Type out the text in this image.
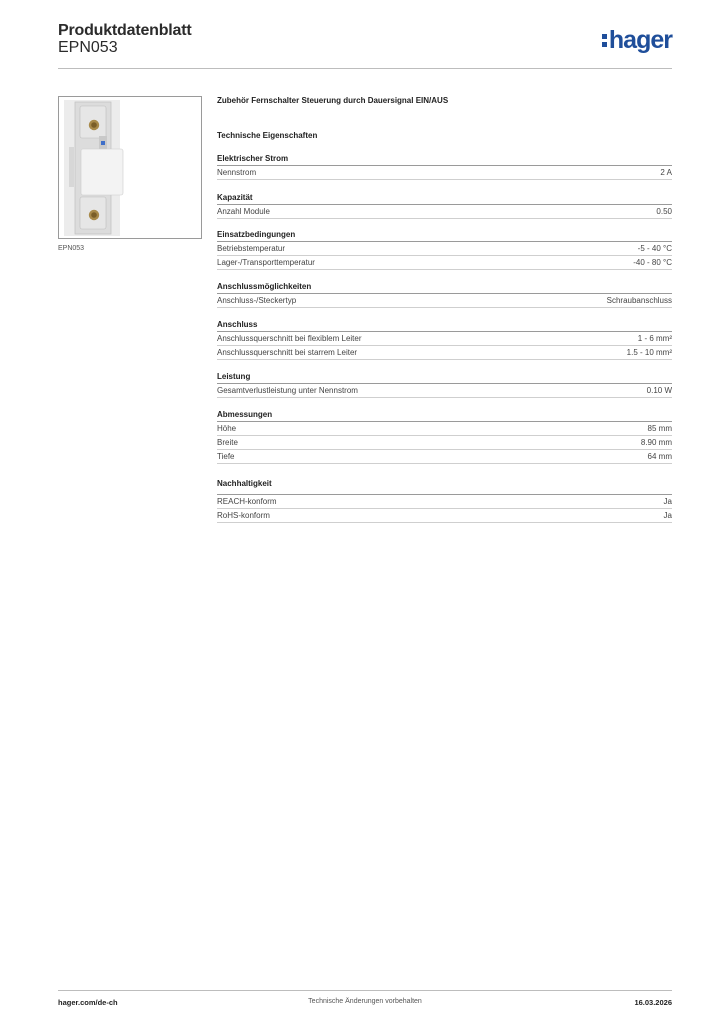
Produktdatenblatt
EPN053	hager
EPN053
Zubehör Fernschalter Steuerung durch Dauersignal EIN/AUS
Technische Eigenschaften
Elektrischer Strom
Nennstrom	2 A
Kapazität
Anzahl Module	0.50
Einsatzbedingungen
Betriebstemperatur	-5 - 40 °C
Lager-/Transporttemperatur	-40 - 80 °C
Anschlussmöglichkeiten
Anschluss-/Steckertyp	Schraubanschluss
Anschluss
Anschlussquerschnitt bei flexiblem Leiter	1 - 6 mm²
Anschlussquerschnitt bei starrem Leiter	1.5 - 10 mm²
Leistung
Gesamtverlustleistung unter Nennstrom	0.10 W
Abmessungen
Höhe	85 mm
Breite	8.90 mm
Tiefe	64 mm
Nachhaltigkeit
REACH-konform	Ja
RoHS-konform	Ja
hager.com/de-ch	Technische Änderungen vorbehalten	16.03.2026
